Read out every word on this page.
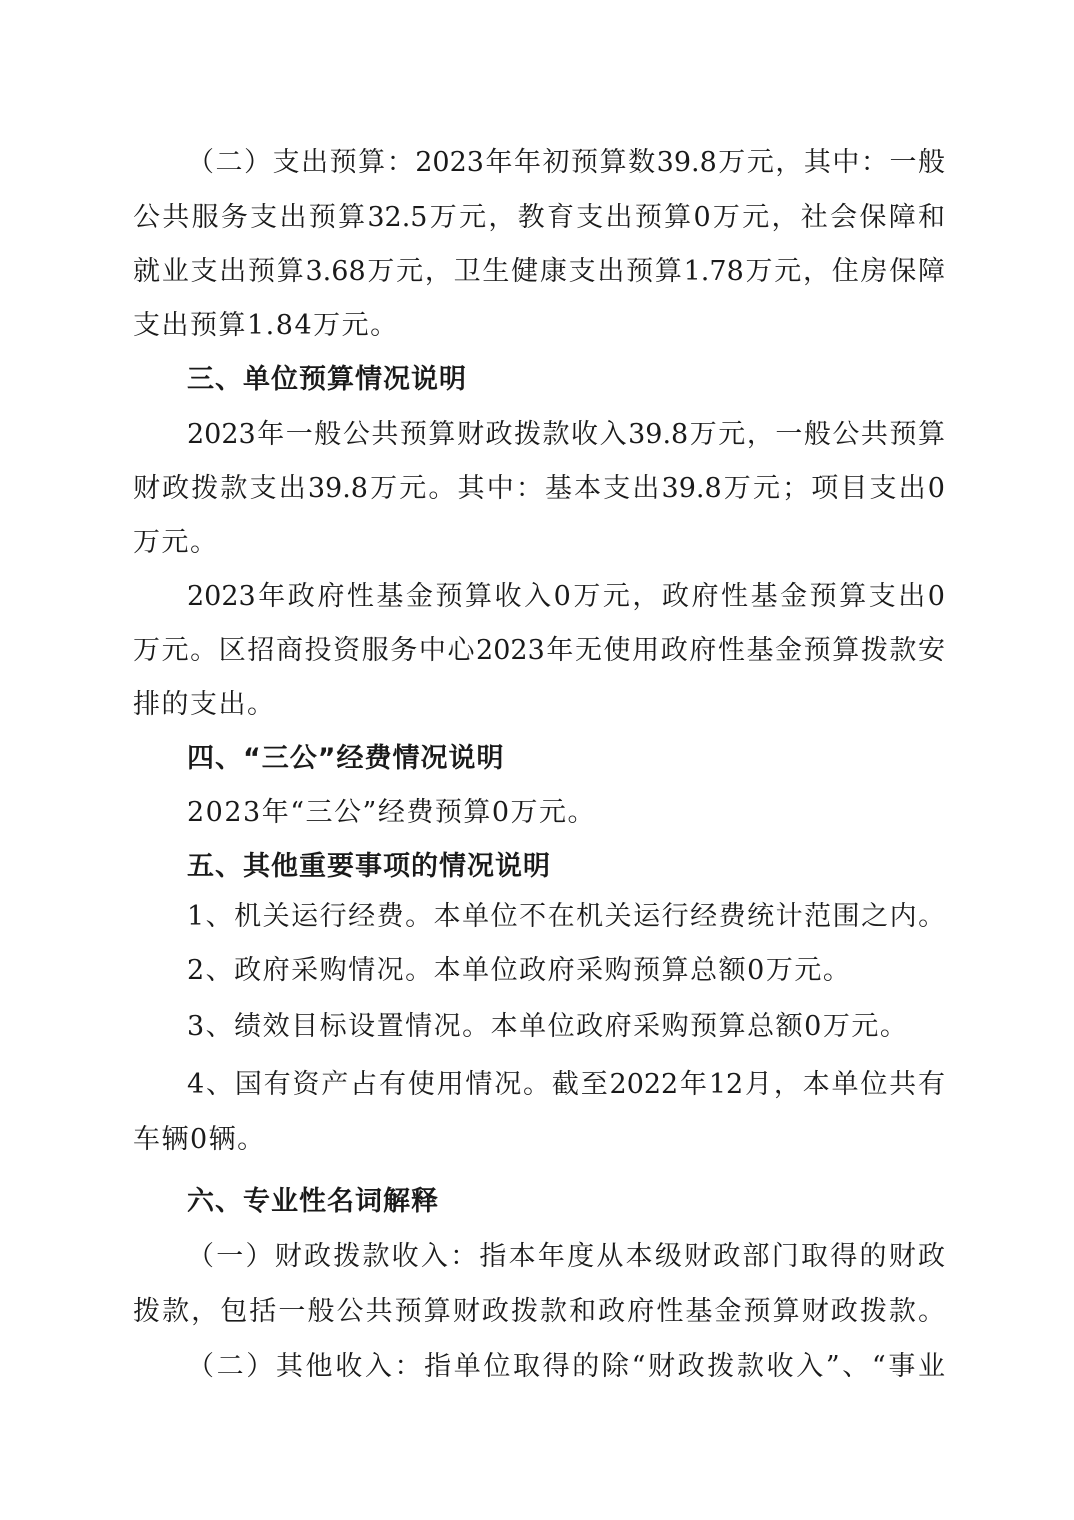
（二）支出预算：2023年年初预算数39.8万元，其中：一般
公共服务支出预算32.5万元，教育支出预算0万元，社会保障和
就业支出预算3.68万元，卫生健康支出预算1.78万元，住房保障
支出预算1.84万元。
三、单位预算情况说明
2023年一般公共预算财政拨款收入39.8万元，一般公共预算
财政拨款支出39.8万元。其中：基本支出39.8万元；项目支出0
万元。
2023年政府性基金预算收入0万元，政府性基金预算支出0
万元。区招商投资服务中心2023年无使用政府性基金预算拨款安
排的支出。
四、“三公”经费情况说明
2023年“三公”经费预算0万元。
五、其他重要事项的情况说明
1、机关运行经费。本单位不在机关运行经费统计范围之内。
2、政府采购情况。本单位政府采购预算总额0万元。
3、绩效目标设置情况。本单位政府采购预算总额0万元。
4、国有资产占有使用情况。截至2022年12月，本单位共有
车辆0辆。
六、专业性名词解释
（一）财政拨款收入：指本年度从本级财政部门取得的财政
拨款，包括一般公共预算财政拨款和政府性基金预算财政拨款。
（二）其他收入：指单位取得的除“财政拨款收入”、“事业
